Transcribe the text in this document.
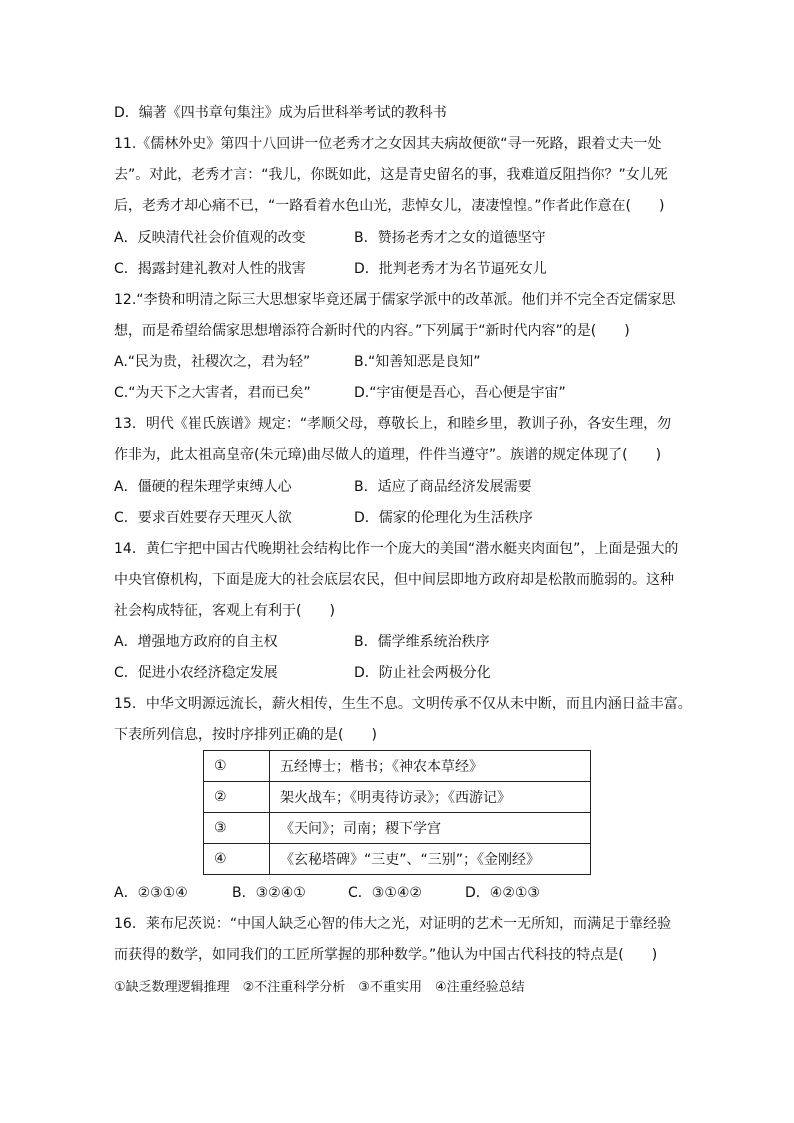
D．编著《四书章句集注》成为后世科举考试的教科书
11.《儒林外史》第四十八回讲一位老秀才之女因其夫病故便欲“寻一死路，跟着丈夫一处
去”。对此，老秀才言：“我儿，你既如此，这是青史留名的事，我难道反阻挡你？”女儿死
后，老秀才却心痛不已，“一路看着水色山光，悲悼女儿，凄凄惶惶。”作者此作意在(　　)
A．反映清代社会价值观的改变	B．赞扬老秀才之女的道德坚守
C．揭露封建礼教对人性的戕害	D．批判老秀才为名节逼死女儿
12.“李贽和明清之际三大思想家毕竟还属于儒家学派中的改革派。他们并不完全否定儒家思
想，而是希望给儒家思想增添符合新时代的内容。”下列属于“新时代内容”的是(　　)
A.“民为贵，社稷次之，君为轻”	B.“知善知恶是良知”
C.“为天下之大害者，君而已矣”	D.“宇宙便是吾心，吾心便是宇宙”
13．明代《崔氏族谱》规定：“孝顺父母，尊敬长上，和睦乡里，教训子孙，各安生理，勿
作非为，此太祖高皇帝(朱元璋)曲尽做人的道理，件件当遵守”。族谱的规定体现了(　　)
A．僵硬的程朱理学束缚人心	B．适应了商品经济发展需要
C．要求百姓要存天理灭人欲	D．儒家的伦理化为生活秩序
14．黄仁宇把中国古代晚期社会结构比作一个庞大的美国“潜水艇夹肉面包”，上面是强大的
中央官僚机构，下面是庞大的社会底层农民，但中间层即地方政府却是松散而脆弱的。这种
社会构成特征，客观上有利于(　　)
A．增强地方政府的自主权	B．儒学维系统治秩序
C．促进小农经济稳定发展	D．防止社会两极分化
15．中华文明源远流长，薪火相传，生生不息。文明传承不仅从未中断，而且内涵日益丰富。
下表所列信息，按时序排列正确的是(　　)
①	五经博士；楷书；《神农本草经》
②	架火战车；《明夷待访录》；《西游记》
③	《天问》；司南；稷下学宫
④	《玄秘塔碑》“三吏”、“三别”；《金刚经》
A．②③①④	B．③②④①	C．③①④②	D．④②①③
16．莱布尼茨说：“中国人缺乏心智的伟大之光，对证明的艺术一无所知，而满足于靠经验
而获得的数学，如同我们的工匠所掌握的那种数学。”他认为中国古代科技的特点是(　　)
①缺乏数理逻辑推理　②不注重科学分析　③不重实用　④注重经验总结
